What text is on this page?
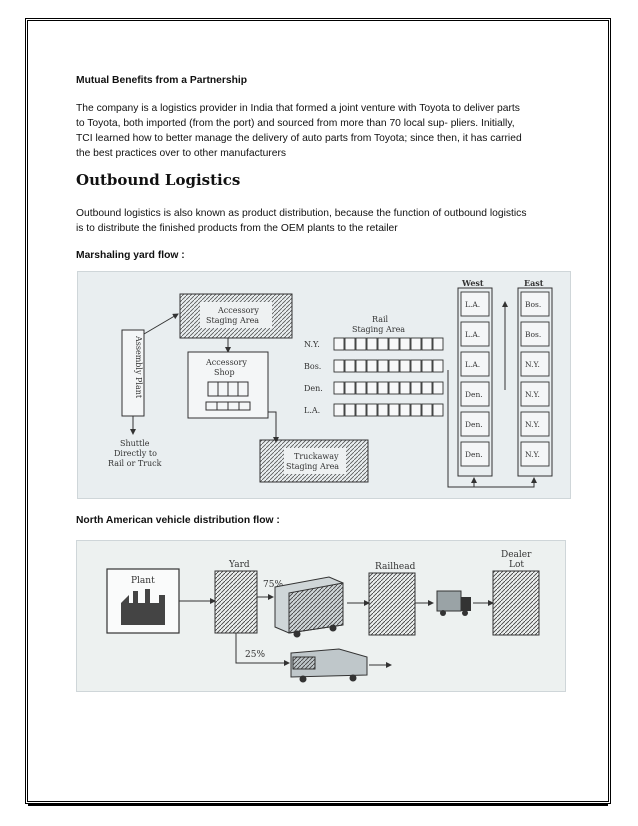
Mutual Benefits from a Partnership
The company is a logistics provider in India that formed a joint venture with Toyota to deliver parts
to Toyota, both imported (from the port) and sourced from more than 70 local sup- pliers. Initially,
TCI learned how to better manage the delivery of auto parts from Toyota; since then, it has carried
the best practices over to other manufacturers
Outbound Logistics
Outbound logistics is also known as product distribution, because the function of outbound logistics
is to distribute the finished products from the OEM plants to the retailer
Marshaling yard flow :
Assembly Plant
Shuttle
Directly to
Rail or Truck
Accessory
Staging Area
Accessory
Shop
Rail
Staging Area
N.Y.
Bos.
Den.
L.A.
Truckaway
Staging Area
West	East
L.A.
L.A.
L.A.
Den.
Den.
Den.
Bos.
Bos.
N.Y.
N.Y.
N.Y.
N.Y.
North American vehicle distribution flow :
Plant
Yard
75%
Railhead
Dealer
Lot
25%
